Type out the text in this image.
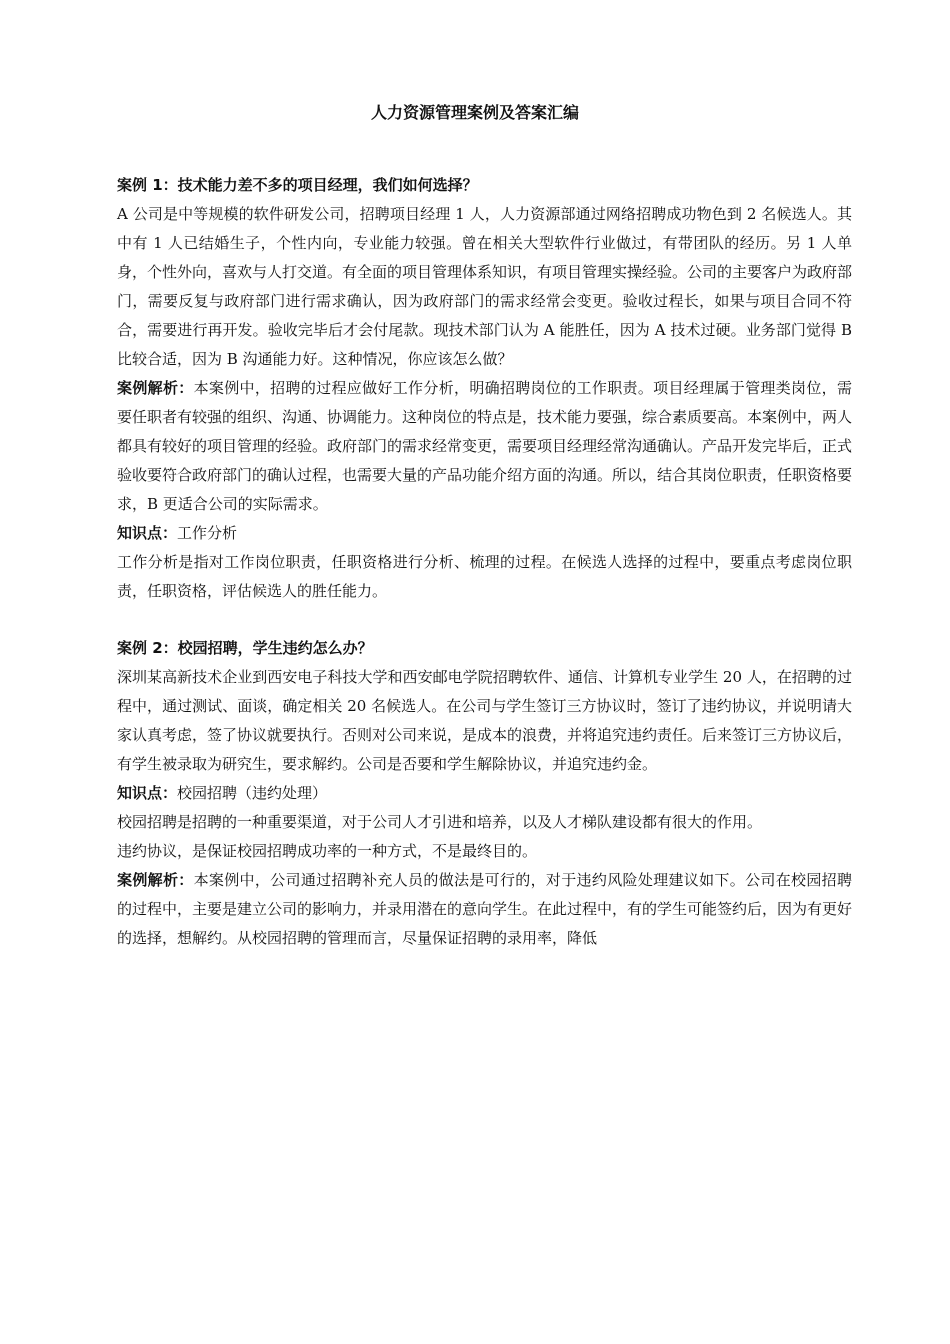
人力资源管理案例及答案汇编

案例 1：技术能力差不多的项目经理，我们如何选择？

A 公司是中等规模的软件研发公司，招聘项目经理 1 人，人力资源部通过网络招聘成功物色到 2 名候选人。其中有 1 人已结婚生子，个性内向，专业能力较强。曾在相关大型软件行业做过，有带团队的经历。另 1 人单身，个性外向，喜欢与人打交道。有全面的项目管理体系知识，有项目管理实操经验。公司的主要客户为政府部门，需要反复与政府部门进行需求确认，因为政府部门的需求经常会变更。验收过程长，如果与项目合同不符合，需要进行再开发。验收完毕后才会付尾款。现技术部门认为 A 能胜任，因为 A 技术过硬。业务部门觉得 B 比较合适，因为 B 沟通能力好。这种情况，你应该怎么做？

案例解析：本案例中，招聘的过程应做好工作分析，明确招聘岗位的工作职责。项目经理属于管理类岗位，需要任职者有较强的组织、沟通、协调能力。这种岗位的特点是，技术能力要强，综合素质要高。本案例中，两人都具有较好的项目管理的经验。政府部门的需求经常变更，需要项目经理经常沟通确认。产品开发完毕后，正式验收要符合政府部门的确认过程，也需要大量的产品功能介绍方面的沟通。所以，结合其岗位职责，任职资格要求，B 更适合公司的实际需求。

知识点：工作分析

工作分析是指对工作岗位职责，任职资格进行分析、梳理的过程。在候选人选择的过程中，要重点考虑岗位职责，任职资格，评估候选人的胜任能力。

案例 2：校园招聘，学生违约怎么办？

深圳某高新技术企业到西安电子科技大学和西安邮电学院招聘软件、通信、计算机专业学生 20 人，在招聘的过程中，通过测试、面谈，确定相关 20 名候选人。在公司与学生签订三方协议时，签订了违约协议，并说明请大家认真考虑，签了协议就要执行。否则对公司来说，是成本的浪费，并将追究违约责任。后来签订三方协议后，有学生被录取为研究生，要求解约。公司是否要和学生解除协议，并追究违约金。

知识点：校园招聘（违约处理）

校园招聘是招聘的一种重要渠道，对于公司人才引进和培养，以及人才梯队建设都有很大的作用。

违约协议，是保证校园招聘成功率的一种方式，不是最终目的。

案例解析：本案例中，公司通过招聘补充人员的做法是可行的，对于违约风险处理建议如下。公司在校园招聘的过程中，主要是建立公司的影响力，并录用潜在的意向学生。在此过程中，有的学生可能签约后，因为有更好的选择，想解约。从校园招聘的管理而言，尽量保证招聘的录用率，降低
